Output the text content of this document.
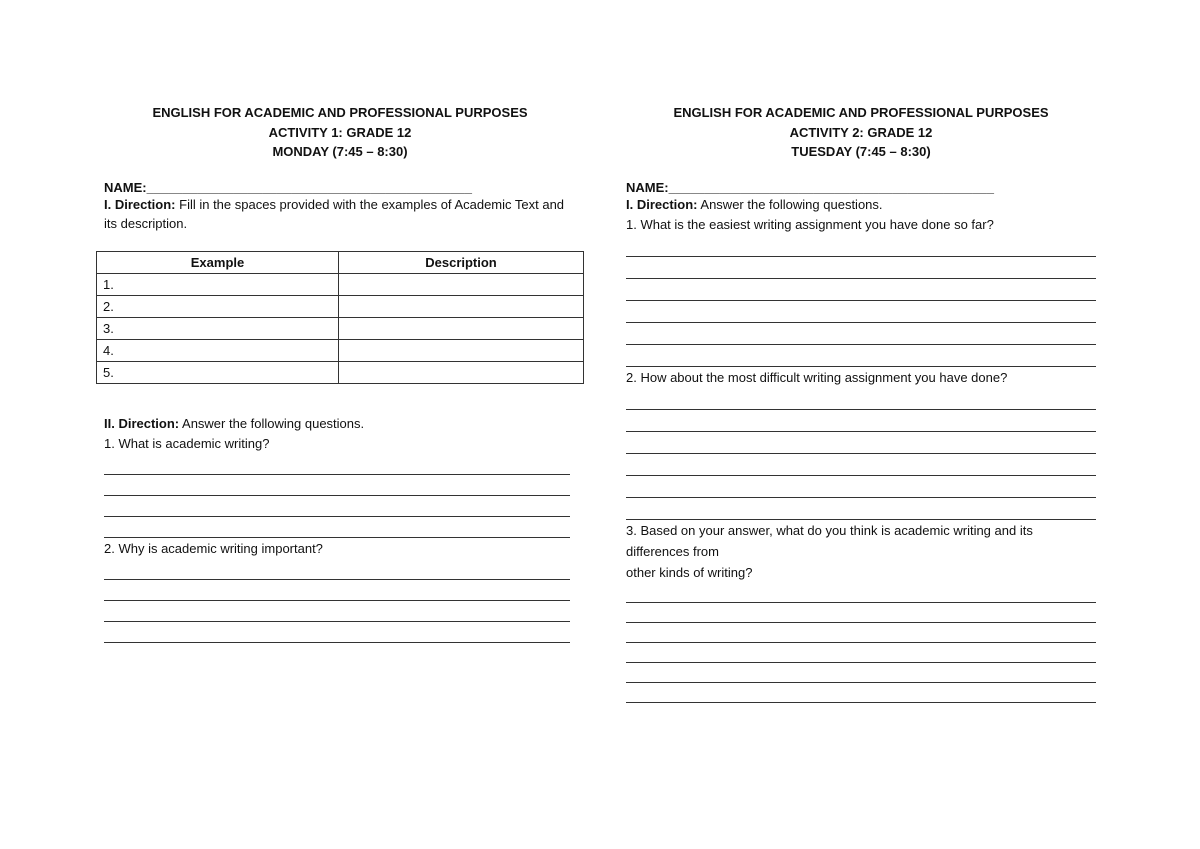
ENGLISH FOR ACADEMIC AND PROFESSIONAL PURPOSES
ACTIVITY 1: GRADE 12
MONDAY (7:45 – 8:30)
NAME:_____________________________________________
I. Direction: Fill in the spaces provided with the examples of Academic Text and its description.
Example	Description
1.	
2.	
3.	
4.	
5.	
II. Direction: Answer the following questions.
1. What is academic writing?
2. Why is academic writing important?
ENGLISH FOR ACADEMIC AND PROFESSIONAL PURPOSES
ACTIVITY 2: GRADE 12
TUESDAY (7:45 – 8:30)
NAME:_____________________________________________
I. Direction: Answer the following questions.
1. What is the easiest writing assignment you have done so far?
2. How about the most difficult writing assignment you have done?
3. Based on your answer, what do you think is academic writing and its differences from
other kinds of writing?
